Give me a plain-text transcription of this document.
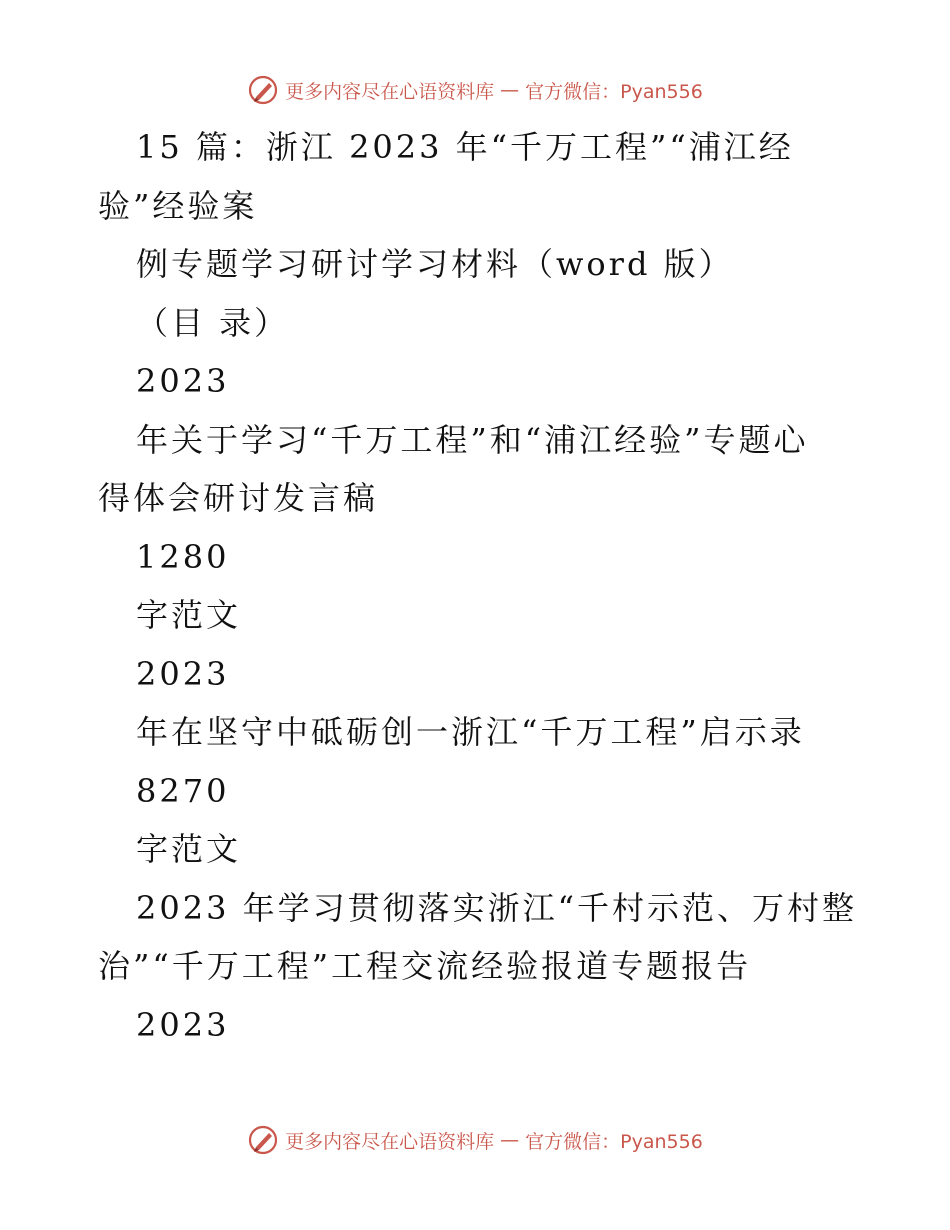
更多内容尽在心语资料库 — 官方微信：Pyan556
15 篇：浙江 2023 年“千万工程”“浦江经
验”经验案
例专题学习研讨学习材料（word 版）
（目 录）
2023
年关于学习“千万工程”和“浦江经验”专题心
得体会研讨发言稿
1280
字范文
2023
年在坚守中砥砺创一浙江“千万工程”启示录
8270
字范文
2023 年学习贯彻落实浙江“千村示范、万村整
治”“千万工程”工程交流经验报道专题报告
2023
更多内容尽在心语资料库 — 官方微信：Pyan556
